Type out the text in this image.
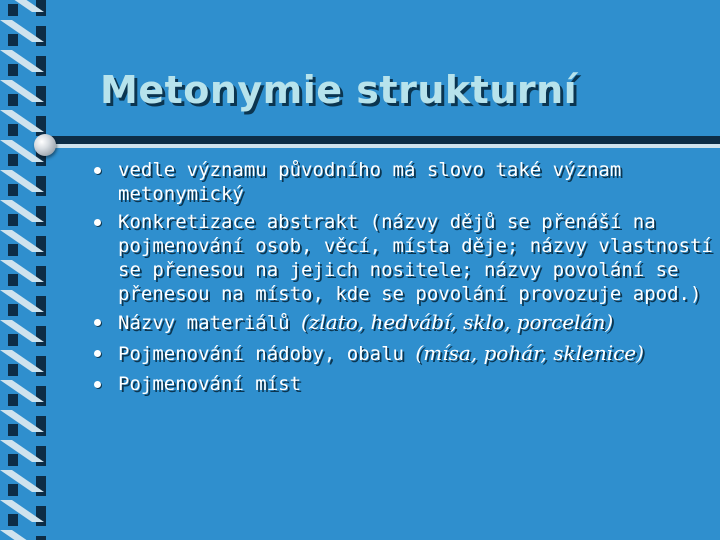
Metonymie strukturní
vedle významu původního má slovo také význam metonymický
Konkretizace abstrakt (názvy dějů se přenáší na pojmenování osob, věcí, místa děje; názvy vlastností se přenesou na jejich nositele; názvy povolání se přenesou na místo, kde se povolání provozuje apod.)
Názvy materiálů (zlato, hedvábí, sklo, porcelán)
Pojmenování nádoby, obalu (mísa, pohár, sklenice)
Pojmenování míst
